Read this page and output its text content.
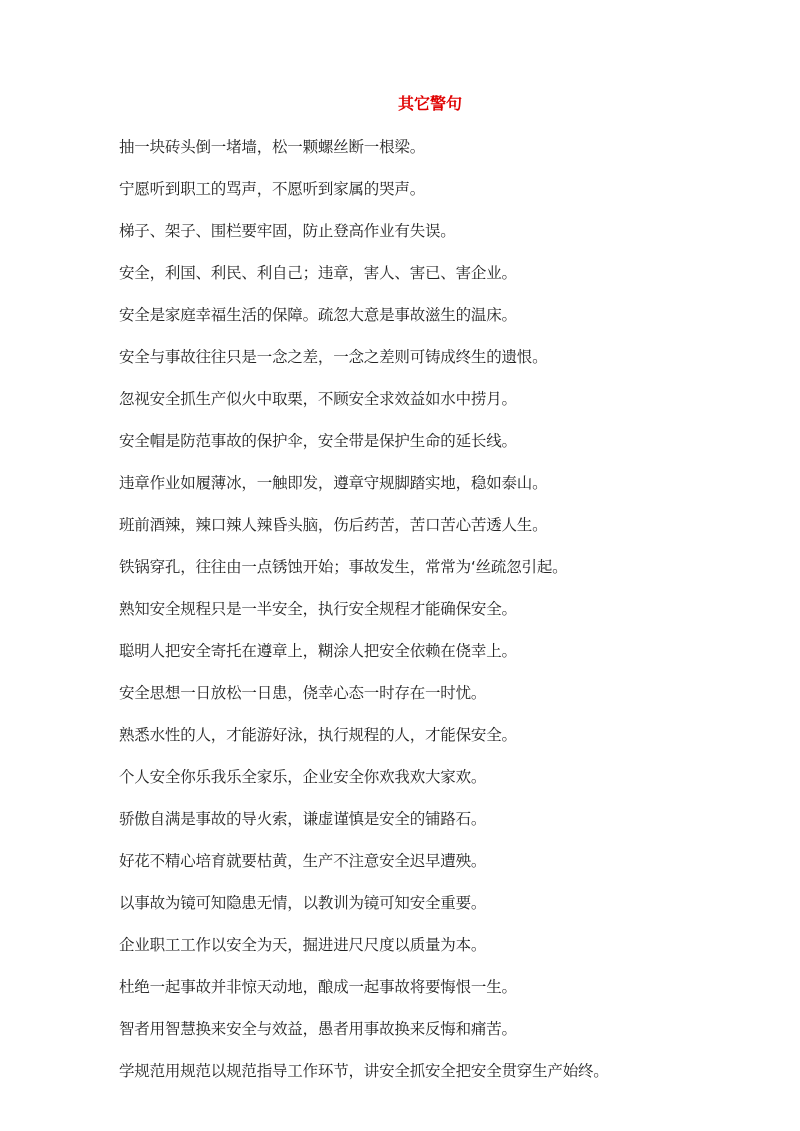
其它警句
抽一块砖头倒一堵墙，松一颗螺丝断一根梁。
宁愿听到职工的骂声，不愿听到家属的哭声。
梯子、架子、围栏要牢固，防止登高作业有失误。
安全，利国、利民、利自己；违章，害人、害已、害企业。
安全是家庭幸福生活的保障。疏忽大意是事故滋生的温床。
安全与事故往往只是一念之差，一念之差则可铸成终生的遗恨。
忽视安全抓生产似火中取栗，不顾安全求效益如水中捞月。
安全帽是防范事故的保护伞，安全带是保护生命的延长线。
违章作业如履薄冰，一触即发，遵章守规脚踏实地，稳如泰山。
班前酒辣，辣口辣人辣昏头脑，伤后药苦，苦口苦心苦透人生。
铁锅穿孔，往往由一点锈蚀开始；事故发生，常常为‘丝疏忽引起。
熟知安全规程只是一半安全，执行安全规程才能确保安全。
聪明人把安全寄托在遵章上，糊涂人把安全依赖在侥幸上。
安全思想一日放松一日患，侥幸心态一时存在一时忧。
熟悉水性的人，才能游好泳，执行规程的人，才能保安全。
个人安全你乐我乐全家乐，企业安全你欢我欢大家欢。
骄傲自满是事故的导火索，谦虚谨慎是安全的铺路石。
好花不精心培育就要枯黄，生产不注意安全迟早遭殃。
以事故为镜可知隐患无情，以教训为镜可知安全重要。
企业职工工作以安全为天，掘进进尺尺度以质量为本。
杜绝一起事故并非惊天动地，酿成一起事故将要悔恨一生。
智者用智慧换来安全与效益，愚者用事故换来反悔和痛苦。
学规范用规范以规范指导工作环节，讲安全抓安全把安全贯穿生产始终。
